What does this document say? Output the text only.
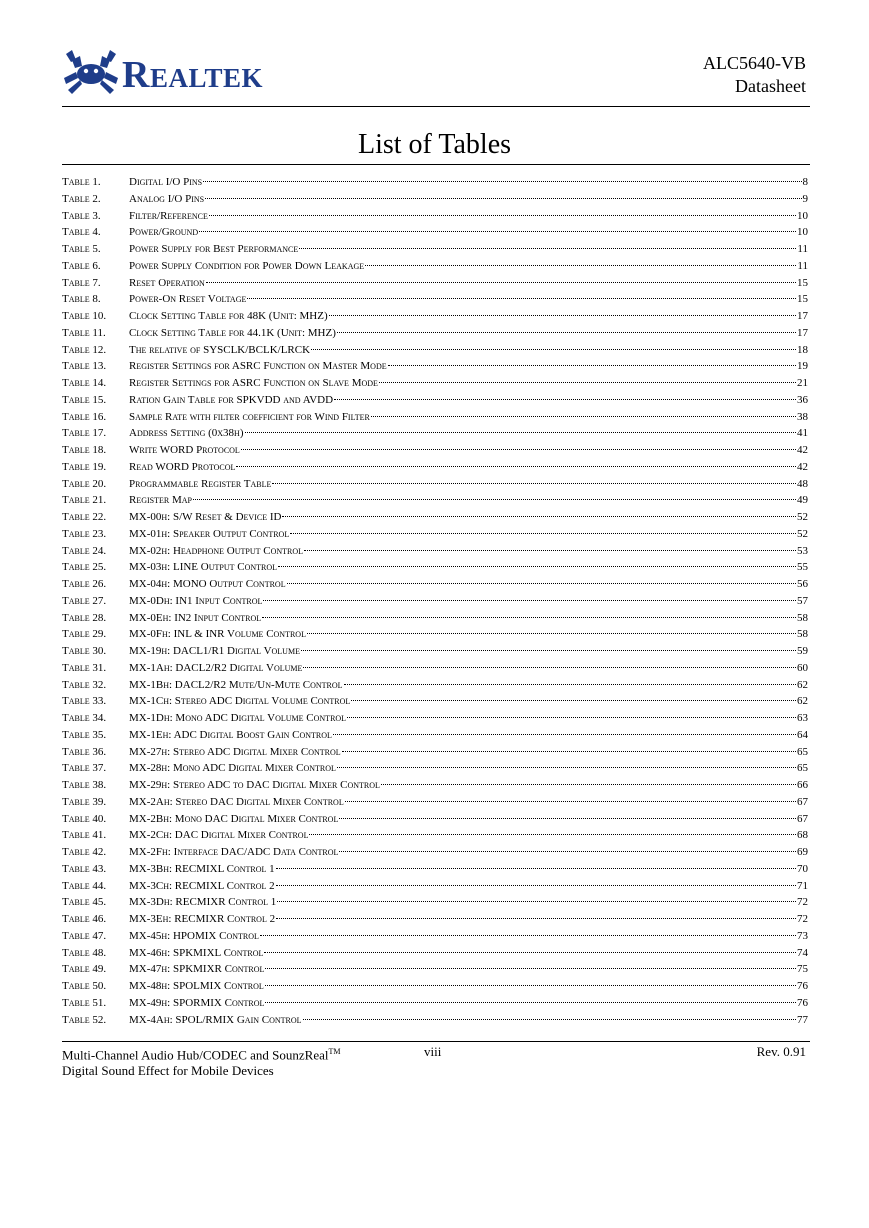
Realtek	ALC5640-VB
Datasheet
List of Tables
Table 1.	Digital I/O Pins	8
Table 2.	Analog I/O Pins	9
Table 3.	Filter/Reference	10
Table 4.	Power/Ground	10
Table 5.	Power Supply for Best Performance	11
Table 6.	Power Supply Condition for Power Down Leakage	11
Table 7.	Reset Operation	15
Table 8.	Power-On Reset Voltage	15
Table 10.	Clock Setting Table for 48K (Unit: MHZ)	17
Table 11.	Clock Setting Table for 44.1K (Unit: MHZ)	17
Table 12.	The relative of SYSCLK/BCLK/LRCK	18
Table 13.	Register Settings for ASRC Function on Master Mode	19
Table 14.	Register Settings for ASRC Function on Slave Mode	21
Table 15.	Ration Gain Table for SPKVDD and AVDD	36
Table 16.	Sample Rate with filter coefficient for Wind Filter	38
Table 17.	Address Setting (0x38h)	41
Table 18.	Write WORD Protocol	42
Table 19.	Read WORD Protocol	42
Table 20.	Programmable Register Table	48
Table 21.	Register Map	49
Table 22.	MX-00h: S/W Reset & Device ID	52
Table 23.	MX-01h: Speaker Output Control	52
Table 24.	MX-02h: Headphone Output Control	53
Table 25.	MX-03h: LINE Output Control	55
Table 26.	MX-04h: MONO Output Control	56
Table 27.	MX-0Dh: IN1 Input Control	57
Table 28.	MX-0Eh: IN2 Input Control	58
Table 29.	MX-0Fh: INL & INR Volume Control	58
Table 30.	MX-19h: DACL1/R1 Digital Volume	59
Table 31.	MX-1Ah: DACL2/R2 Digital Volume	60
Table 32.	MX-1Bh: DACL2/R2 Mute/Un-Mute Control	62
Table 33.	MX-1Ch: Stereo ADC Digital Volume Control	62
Table 34.	MX-1Dh: Mono ADC Digital Volume Control	63
Table 35.	MX-1Eh: ADC Digital Boost Gain Control	64
Table 36.	MX-27h: Stereo ADC Digital Mixer Control	65
Table 37.	MX-28h: Mono ADC Digital Mixer Control	65
Table 38.	MX-29h: Stereo ADC to DAC Digital Mixer Control	66
Table 39.	MX-2Ah: Stereo DAC Digital Mixer Control	67
Table 40.	MX-2Bh: Mono DAC Digital Mixer Control	67
Table 41.	MX-2Ch: DAC Digital Mixer Control	68
Table 42.	MX-2Fh: Interface DAC/ADC Data Control	69
Table 43.	MX-3Bh: RECMIXL Control 1	70
Table 44.	MX-3Ch: RECMIXL Control 2	71
Table 45.	MX-3Dh: RECMIXR Control 1	72
Table 46.	MX-3Eh: RECMIXR Control 2	72
Table 47.	MX-45h: HPOMIX Control	73
Table 48.	MX-46h: SPKMIXL Control	74
Table 49.	MX-47h: SPKMIXR Control	75
Table 50.	MX-48h: SPOLMIX Control	76
Table 51.	MX-49h: SPORMIX Control	76
Table 52.	MX-4Ah: SPOL/RMIX Gain Control	77
Multi-Channel Audio Hub/CODEC and SounzReal™
Digital Sound Effect for Mobile Devices
viii	Rev. 0.91
